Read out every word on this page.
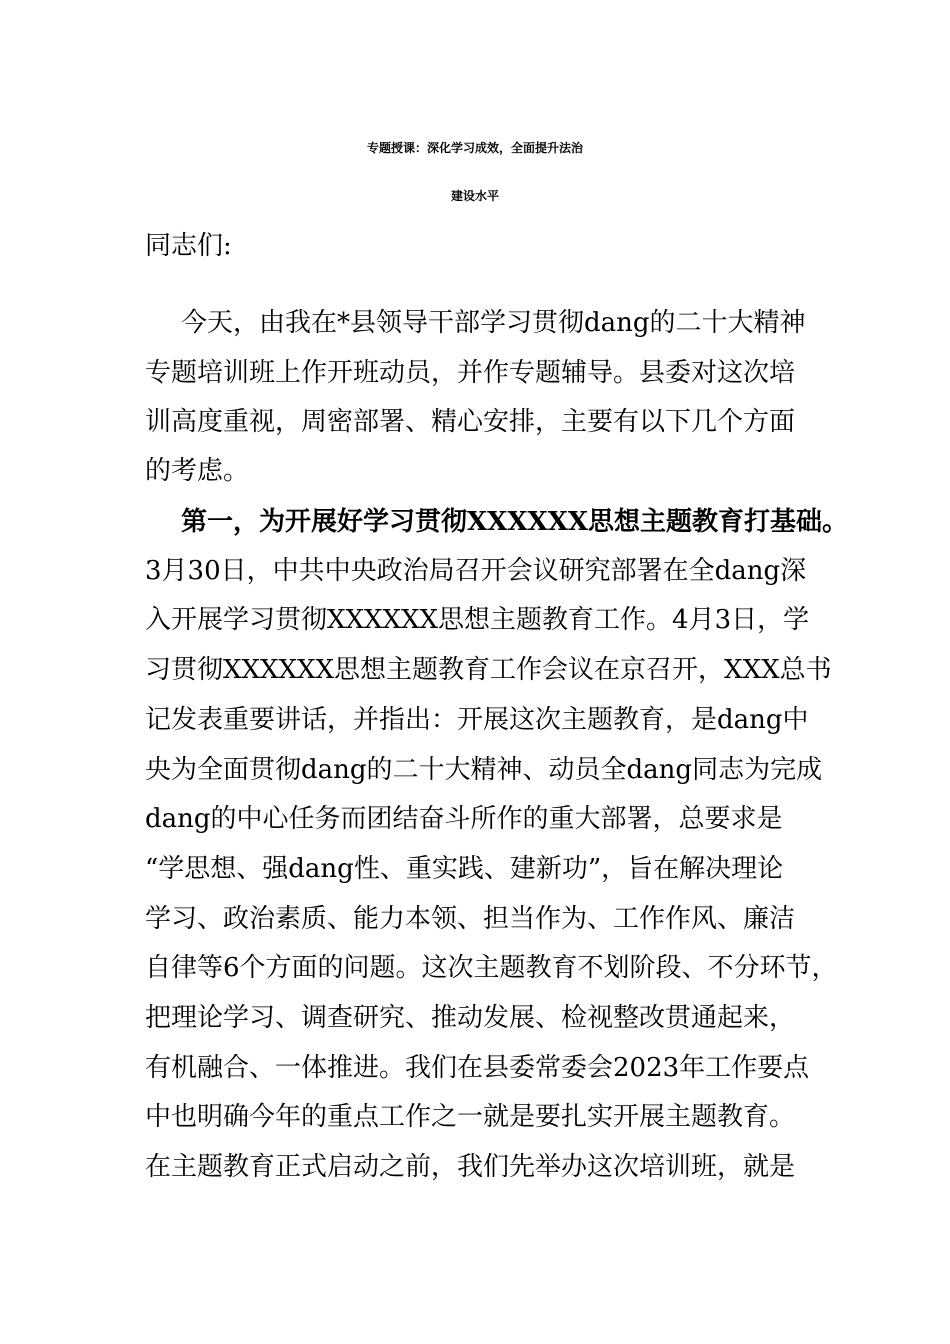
专题授课：深化学习成效，全面提升法治
建设水平
同志们:
今天，由我在*县领导干部学习贯彻dang的二十大精神
专题培训班上作开班动员，并作专题辅导。县委对这次培
训高度重视，周密部署、精心安排，主要有以下几个方面
的考虑。
第一，为开展好学习贯彻XXXXXX思想主题教育打基础。
3月30日，中共中央政治局召开会议研究部署在全dang深
入开展学习贯彻XXXXXX思想主题教育工作。4月3日，学
习贯彻XXXXXX思想主题教育工作会议在京召开，XXX总书
记发表重要讲话，并指出：开展这次主题教育，是dang中
央为全面贯彻dang的二十大精神、动员全dang同志为完成
dang的中心任务而团结奋斗所作的重大部署，总要求是
“学思想、强dang性、重实践、建新功”，旨在解决理论
学习、政治素质、能力本领、担当作为、工作作风、廉洁
自律等6个方面的问题。这次主题教育不划阶段、不分环节，
把理论学习、调查研究、推动发展、检视整改贯通起来，
有机融合、一体推进。我们在县委常委会2023年工作要点
中也明确今年的重点工作之一就是要扎实开展主题教育。
在主题教育正式启动之前，我们先举办这次培训班，就是
